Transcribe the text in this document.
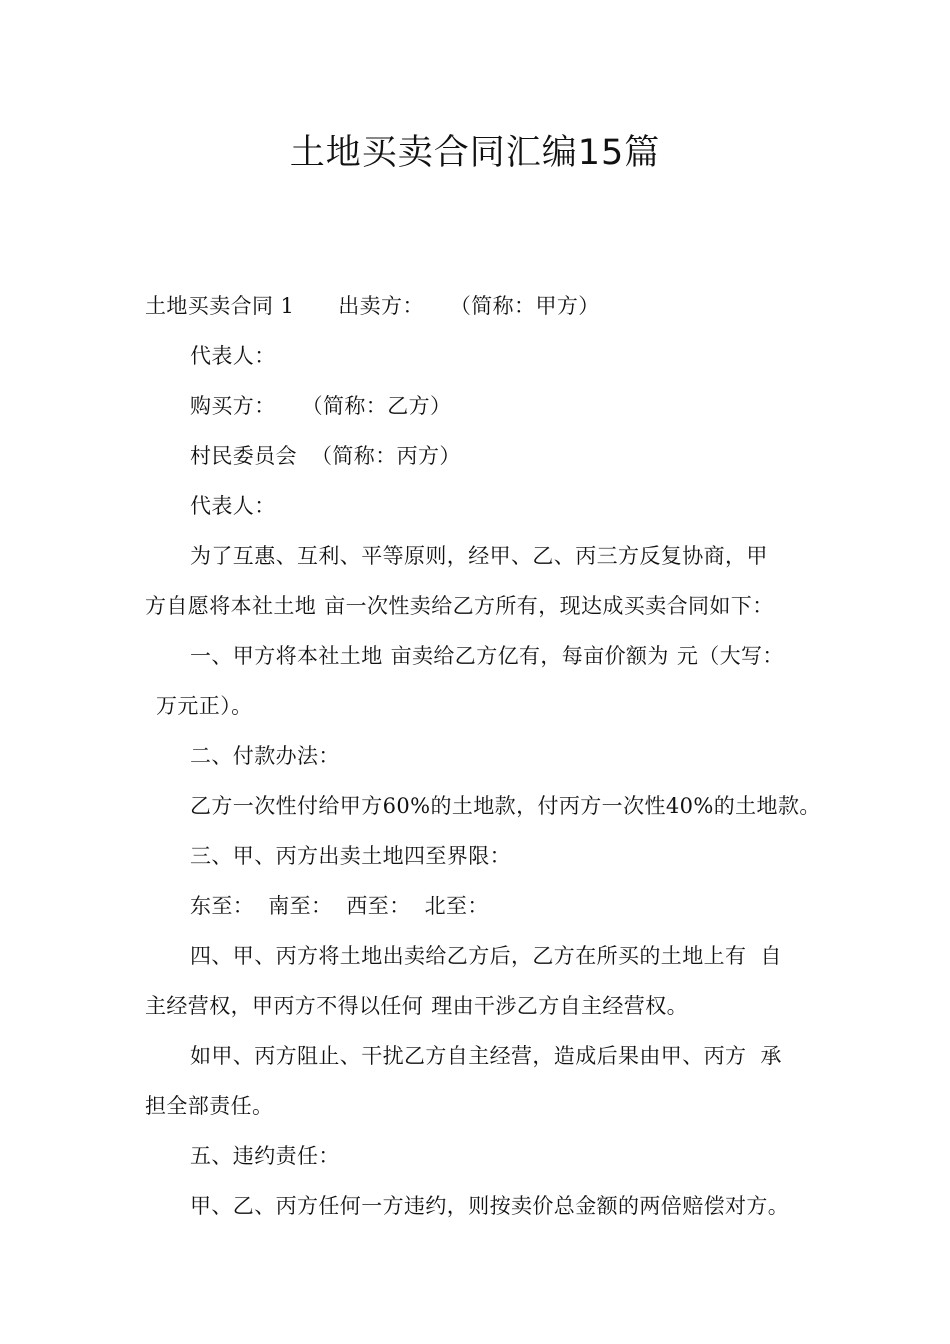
土地买卖合同汇编15篇

土地买卖合同 1 出卖方： （简称：甲方）

代表人：

购买方： （简称：乙方）

村民委员会 （简称：丙方）

代表人：

为了互惠、互利、平等原则，经甲、乙、丙三方反复协商，甲

方自愿将本社土地 亩一次性卖给乙方所有，现达成买卖合同如下：

一、甲方将本社土地 亩卖给乙方亿有，每亩价额为 元（大写：

万元正）。

二、付款办法：

乙方一次性付给甲方60%的土地款，付丙方一次性40%的土地款。

三、甲、丙方出卖土地四至界限：

东至： 南至： 西至： 北至：

四、甲、丙方将土地出卖给乙方后，乙方在所买的土地上有 自

主经营权，甲丙方不得以任何 理由干涉乙方自主经营权。

如甲、丙方阻止、干扰乙方自主经营，造成后果由甲、丙方 承

担全部责任。

五、违约责任：

甲、乙、丙方任何一方违约，则按卖价总金额的两倍赔偿对方。
